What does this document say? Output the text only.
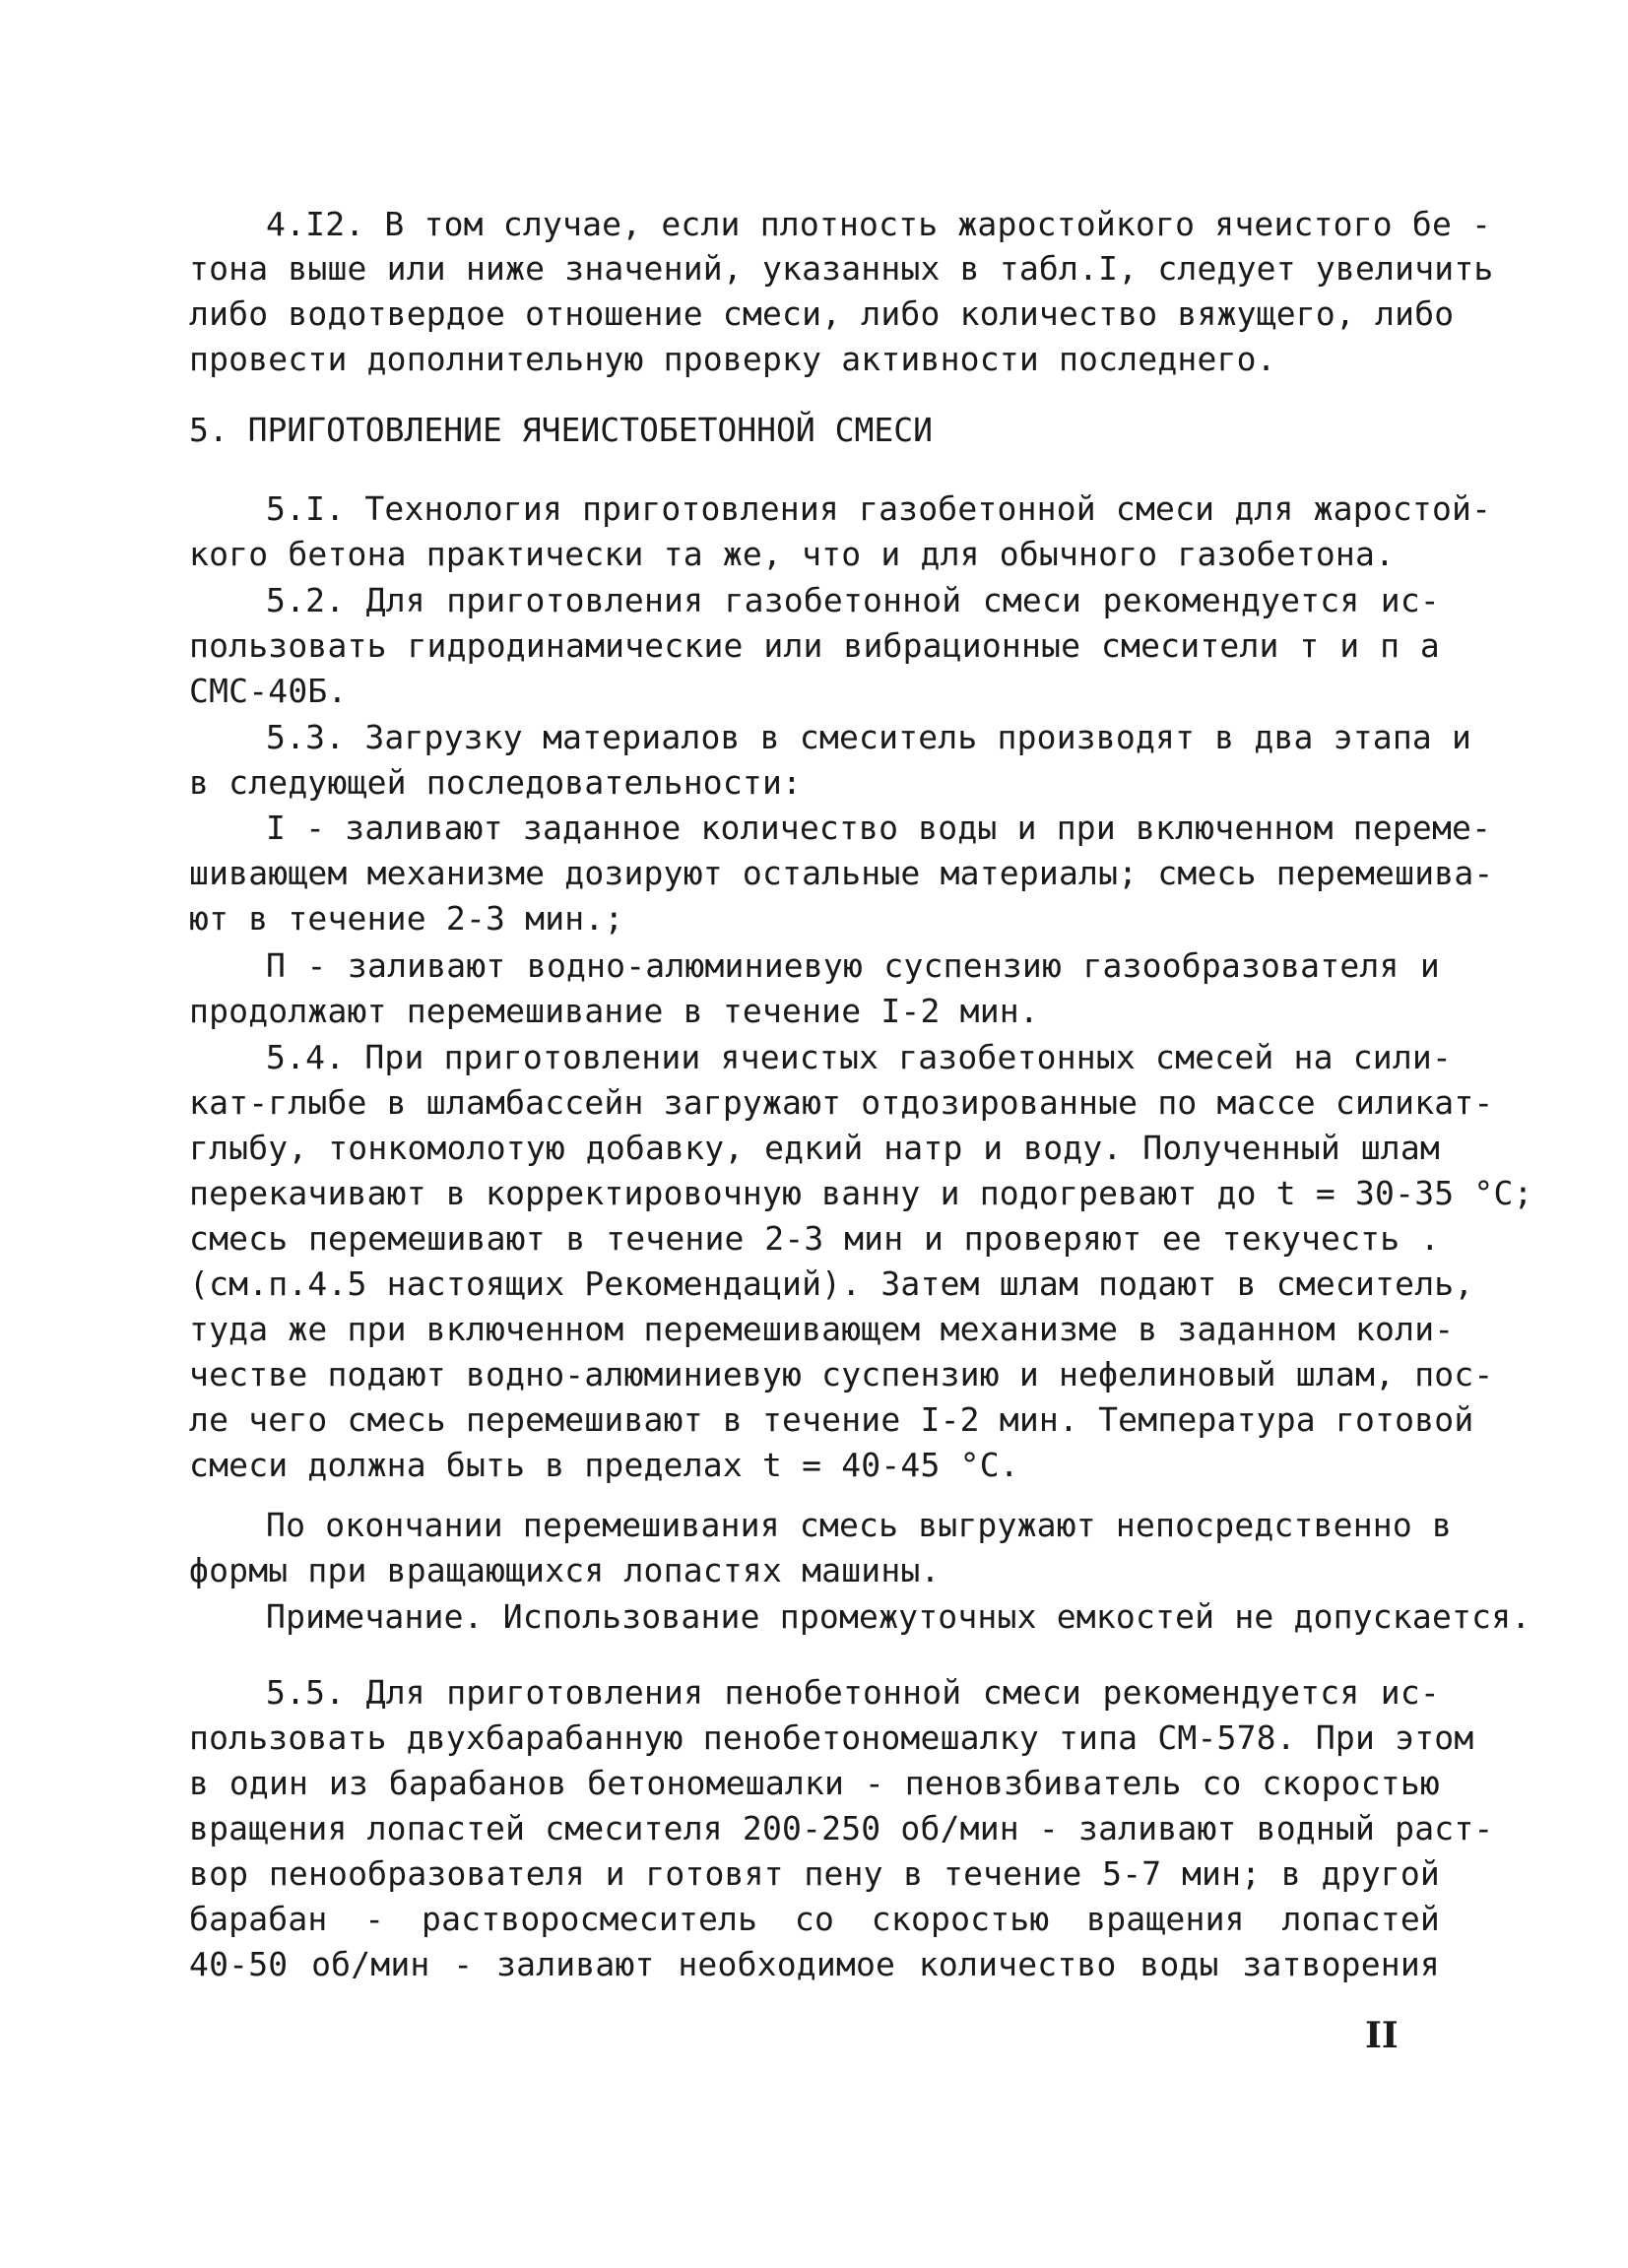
4.I2. В том случае, если плотность жаростойкого ячеистого бе -
тона выше или ниже значений, указанных в табл.I, следует увеличить
либо водотвердое отношение смеси, либо количество вяжущего, либо
провести дополнительную проверку активности последнего.
5. ПРИГОТОВЛЕНИЕ ЯЧЕИСТОБЕТОННОЙ СМЕСИ
5.I. Технология приготовления газобетонной смеси для жаростой-
кого бетона практически та же, что и для обычного газобетона.
5.2. Для приготовления газобетонной смеси рекомендуется ис-
пользовать гидродинамические или вибрационные смесители т и п а
СМС-40Б.
5.3. Загрузку материалов в смеситель производят в два этапа и
в следующей последовательности:
I - заливают заданное количество воды и при включенном переме-
шивающем механизме дозируют остальные материалы; смесь перемешива-
ют в течение 2-3 мин.;
П - заливают водно-алюминиевую суспензию газообразователя и
продолжают перемешивание в течение I-2 мин.
5.4. При приготовлении ячеистых газобетонных смесей на сили-
кат-глыбе в шламбассейн загружают отдозированные по массе силикат-
глыбу, тонкомолотую добавку, едкий натр и воду. Полученный шлам
перекачивают в корректировочную ванну и подогревают до t = 30-35 °C;
смесь перемешивают в течение 2-3 мин и проверяют ее текучесть .
(см.п.4.5 настоящих Рекомендаций). Затем шлам подают в смеситель,
туда же при включенном перемешивающем механизме в заданном коли-
честве подают водно-алюминиевую суспензию и нефелиновый шлам, пос-
ле чего смесь перемешивают в течение I-2 мин. Температура готовой
смеси должна быть в пределах t = 40-45 °C.
По окончании перемешивания смесь выгружают непосредственно в
формы при вращающихся лопастях машины.
Примечание. Использование промежуточных емкостей не допускается.
5.5. Для приготовления пенобетонной смеси рекомендуется ис-
пользовать двухбарабанную пенобетономешалку типа СМ-578. При этом
в один из барабанов бетономешалки - пеновзбиватель со скоростью
вращения лопастей смесителя 200-250 об/мин - заливают водный раст-
вор пенообразователя и готовят пену в течение 5-7 мин; в другой
барабан - растворосмеситель со скоростью вращения лопастей
40-50 об/мин - заливают необходимое количество воды затворения
II
